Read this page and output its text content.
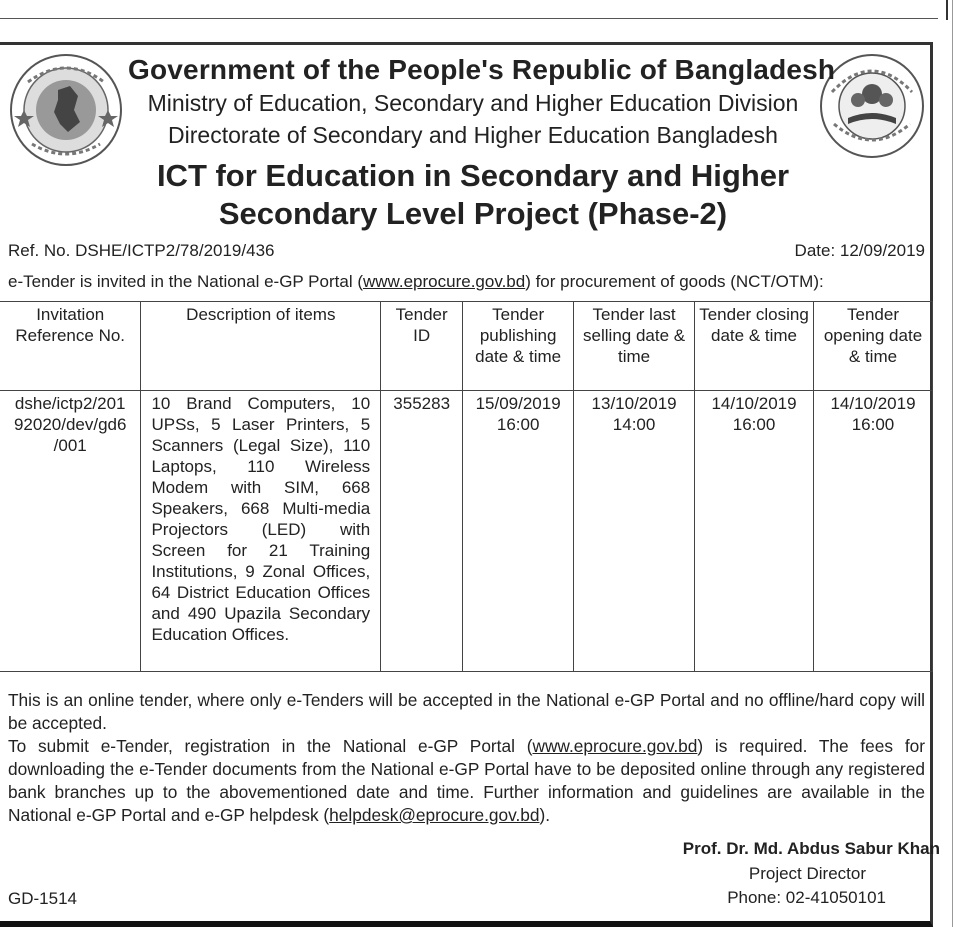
Government of the People's Republic of Bangladesh
Ministry of Education, Secondary and Higher Education Division
Directorate of Secondary and Higher Education Bangladesh
ICT for Education in Secondary and Higher
Secondary Level Project (Phase-2)
Ref. No. DSHE/ICTP2/78/2019/436	Date: 12/09/2019
e-Tender is invited in the National e-GP Portal (www.eprocure.gov.bd) for procurement of goods (NCT/OTM):
Invitation Reference No.	Description of items	Tender ID	Tender publishing date & time	Tender last selling date & time	Tender closing date & time	Tender opening date & time
dshe/ictp2/201 92020/dev/gd6 /001	10 Brand Computers, 10 UPSs, 5 Laser Printers, 5 Scanners (Legal Size), 110 Laptops, 110 Wireless Modem with SIM, 668 Speakers, 668 Multi-media Projectors (LED) with Screen for 21 Training Institutions, 9 Zonal Offices, 64 District Education Offices and 490 Upazila Secondary Education Offices.	355283	15/09/2019 16:00	13/10/2019 14:00	14/10/2019 16:00	14/10/2019 16:00

This is an online tender, where only e-Tenders will be accepted in the National e-GP Portal and no offline/hard copy will be accepted.

To submit e-Tender, registration in the National e-GP Portal (www.eprocure.gov.bd) is required. The fees for downloading the e-Tender documents from the National e-GP Portal have to be deposited online through any registered bank branches up to the abovementioned date and time. Further information and guidelines are available in the National e-GP Portal and e-GP helpdesk (helpdesk@eprocure.gov.bd).

Prof. Dr. Md. Abdus Sabur Khan
Project Director
Phone: 02-41050101
GD-1514
